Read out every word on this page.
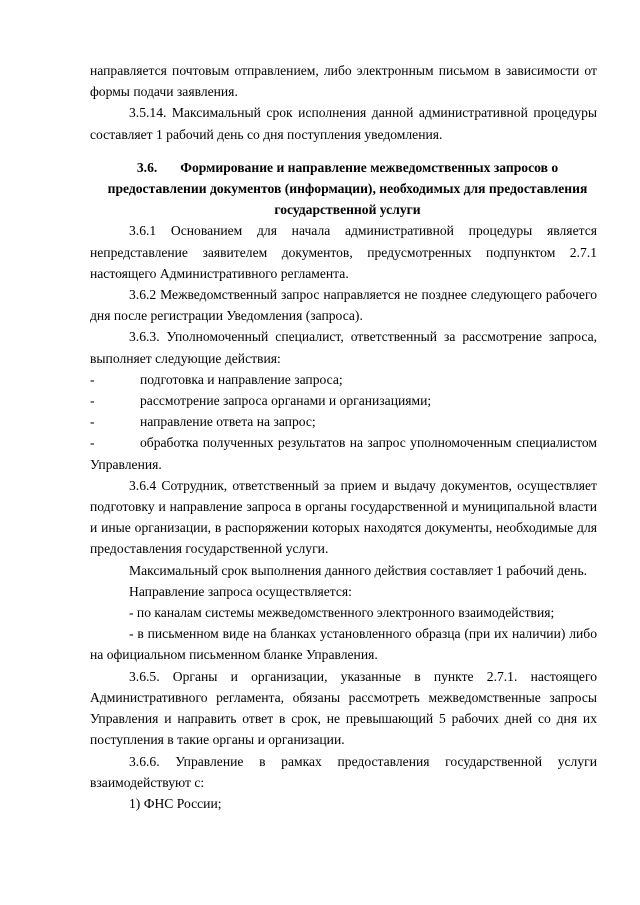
направляется почтовым отправлением, либо электронным письмом в зависимости от формы подачи заявления.

3.5.14. Максимальный срок исполнения данной административной процедуры составляет 1 рабочий день со дня поступления уведомления.

3.6. Формирование и направление межведомственных запросов о предоставлении документов (информации), необходимых для предоставления государственной услуги

3.6.1 Основанием для начала административной процедуры является непредставление заявителем документов, предусмотренных подпунктом 2.7.1 настоящего Административного регламента.

3.6.2 Межведомственный запрос направляется не позднее следующего рабочего дня после регистрации Уведомления (запроса).

3.6.3. Уполномоченный специалист, ответственный за рассмотрение запроса, выполняет следующие действия:

-	подготовка и направление запроса;
-	рассмотрение запроса органами и организациями;
-	направление ответа на запрос;
-	обработка полученных результатов на запрос уполномоченным специалистом Управления.

3.6.4 Сотрудник, ответственный за прием и выдачу документов, осуществляет подготовку и направление запроса в органы государственной и муниципальной власти и иные организации, в распоряжении которых находятся документы, необходимые для предоставления государственной услуги.

Максимальный срок выполнения данного действия составляет 1 рабочий день.

Направление запроса осуществляется:

- по каналам системы межведомственного электронного взаимодействия;

- в письменном виде на бланках установленного образца (при их наличии) либо на официальном письменном бланке Управления.

3.6.5. Органы и организации, указанные в пункте 2.7.1. настоящего Административного регламента, обязаны рассмотреть межведомственные запросы Управления и направить ответ в срок, не превышающий 5 рабочих дней со дня их поступления в такие органы и организации.

3.6.6. Управление в рамках предоставления государственной услуги взаимодействуют с:

1) ФНС России;
